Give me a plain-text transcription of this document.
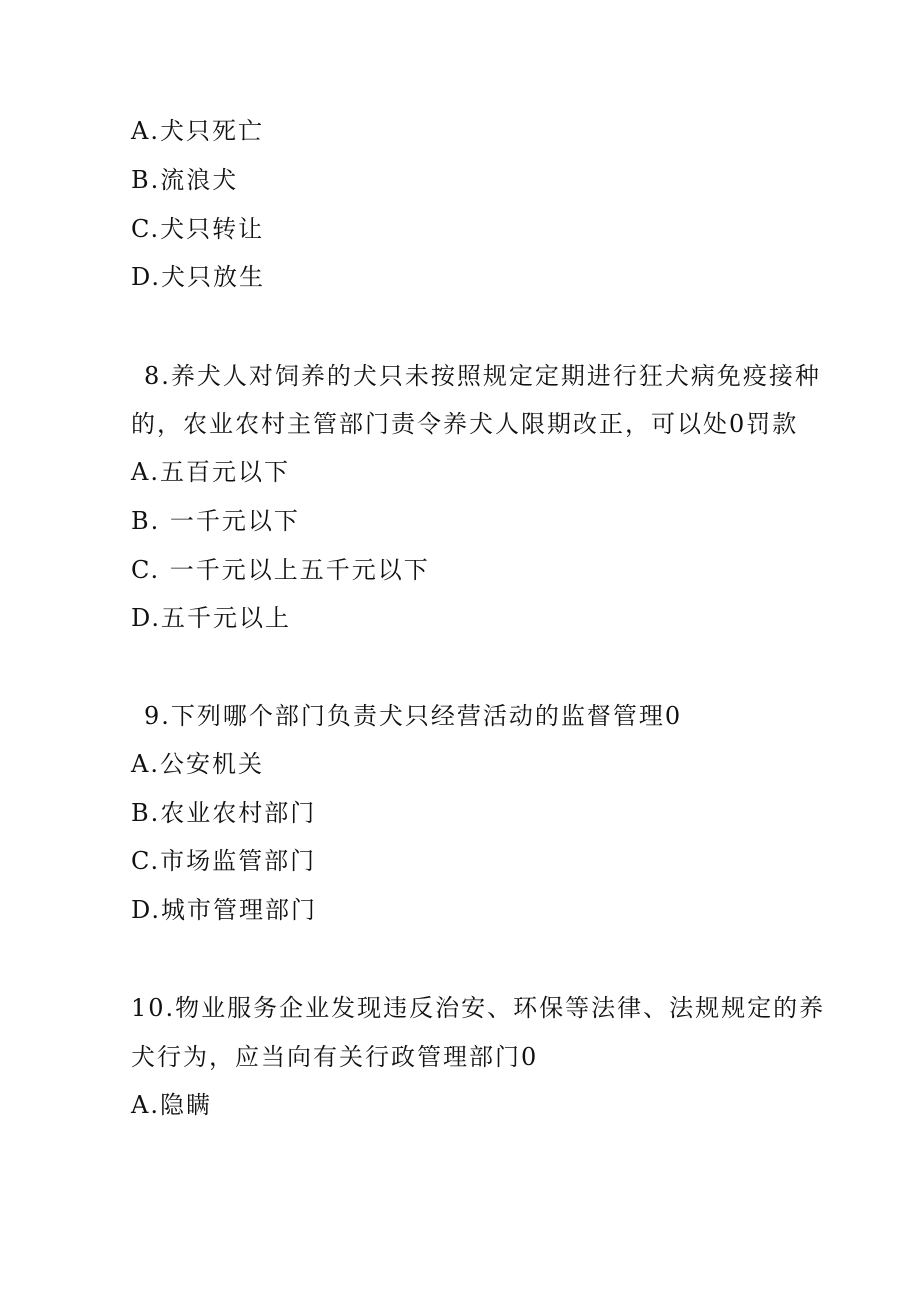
A.犬只死亡
B.流浪犬
C.犬只转让
D.犬只放生
8.养犬人对饲养的犬只未按照规定定期进行狂犬病免疫接种
的，农业农村主管部门责令养犬人限期改正，可以处0罚款
A.五百元以下
B. 一千元以下
C. 一千元以上五千元以下
D.五千元以上
9.下列哪个部门负责犬只经营活动的监督管理0
A.公安机关
B.农业农村部门
C.市场监管部门
D.城市管理部门
10.物业服务企业发现违反治安、环保等法律、法规规定的养
犬行为，应当向有关行政管理部门0
A.隐瞒
